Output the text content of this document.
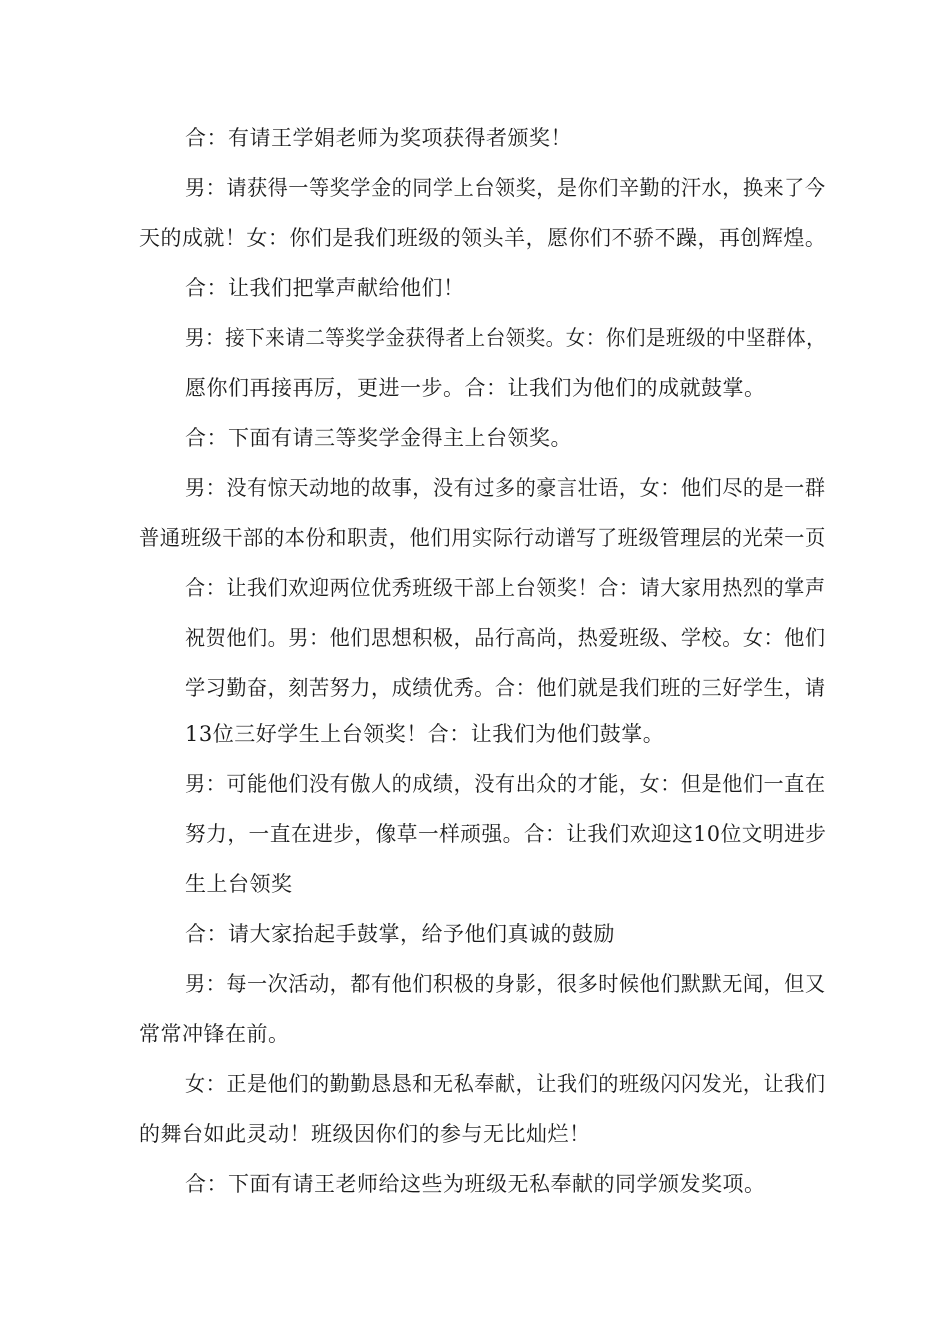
合：有请王学娟老师为奖项获得者颁奖！
男：请获得一等奖学金的同学上台领奖，是你们辛勤的汗水，换来了今
天的成就！女：你们是我们班级的领头羊，愿你们不骄不躁，再创辉煌。
合：让我们把掌声献给他们！
男：接下来请二等奖学金获得者上台领奖。女：你们是班级的中坚群体，
愿你们再接再厉，更进一步。合：让我们为他们的成就鼓掌。
合：下面有请三等奖学金得主上台领奖。
男：没有惊天动地的故事，没有过多的豪言壮语，女：他们尽的是一群
普通班级干部的本份和职责，他们用实际行动谱写了班级管理层的光荣一页
合：让我们欢迎两位优秀班级干部上台领奖！合：请大家用热烈的掌声
祝贺他们。男：他们思想积极，品行高尚，热爱班级、学校。女：他们
学习勤奋，刻苦努力，成绩优秀。合：他们就是我们班的三好学生，请
13位三好学生上台领奖！合：让我们为他们鼓掌。
男：可能他们没有傲人的成绩，没有出众的才能，女：但是他们一直在
努力，一直在进步，像草一样顽强。合：让我们欢迎这10位文明进步
生上台领奖
合：请大家抬起手鼓掌，给予他们真诚的鼓励
男：每一次活动，都有他们积极的身影，很多时候他们默默无闻，但又
常常冲锋在前。
女：正是他们的勤勤恳恳和无私奉献，让我们的班级闪闪发光，让我们
的舞台如此灵动！班级因你们的参与无比灿烂！
合：下面有请王老师给这些为班级无私奉献的同学颁发奖项。
